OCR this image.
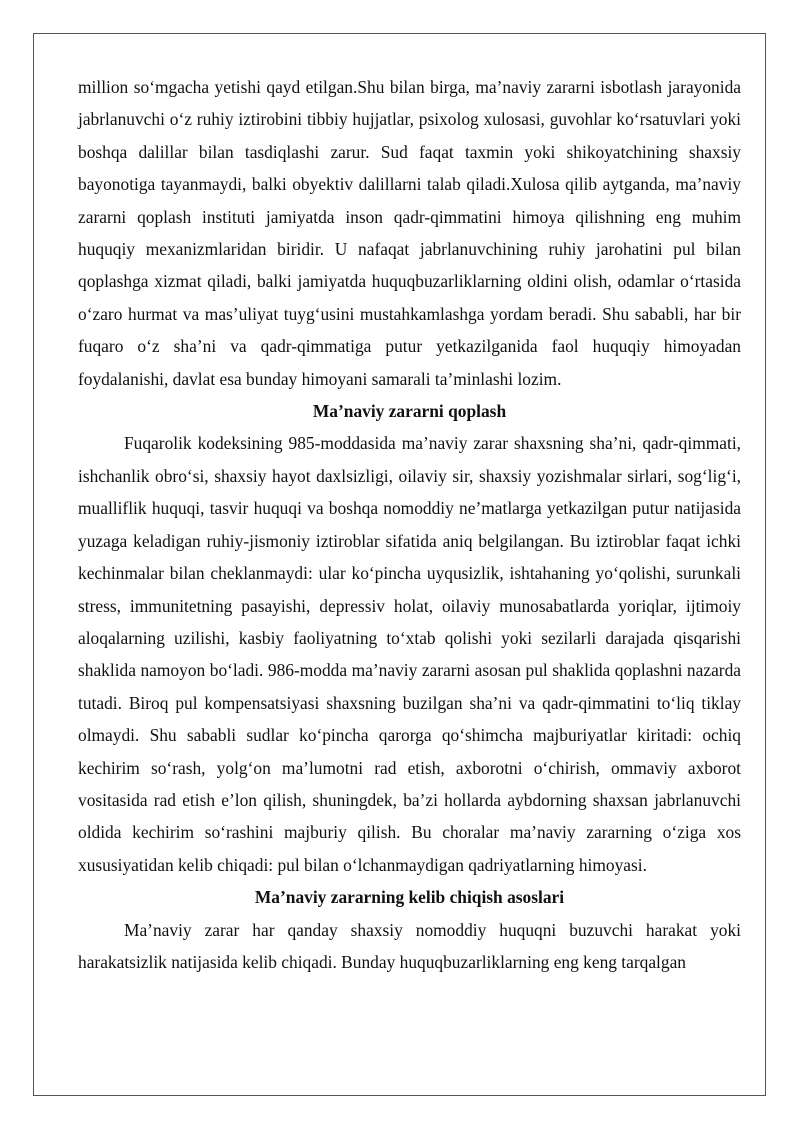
million so‘mgacha yetishi qayd etilgan.Shu bilan birga, ma’naviy zararni isbotlash jarayonida jabrlanuvchi o‘z ruhiy iztirobini tibbiy hujjatlar, psixolog xulosasi, guvohlar ko‘rsatuvlari yoki boshqa dalillar bilan tasdiqlashi zarur. Sud faqat taxmin yoki shikoyatchining shaxsiy bayonotiga tayanmaydi, balki obyektiv dalillarni talab qiladi.Xulosa qilib aytganda, ma’naviy zararni qoplash instituti jamiyatda inson qadr-qimmatini himoya qilishning eng muhim huquqiy mexanizmlaridan biridir. U nafaqat jabrlanuvchining ruhiy jarohatini pul bilan qoplashga xizmat qiladi, balki jamiyatda huquqbuzarliklarning oldini olish, odamlar o‘rtasida o‘zaro hurmat va mas’uliyat tuyg‘usini mustahkamlashga yordam beradi. Shu sababli, har bir fuqaro o‘z sha’ni va qadr-qimmatiga putur yetkazilganida faol huquqiy himoyadan foydalanishi, davlat esa bunday himoyani samarali ta’minlashi lozim.

Ma’naviy zararni qoplash

Fuqarolik kodeksining 985-moddasida ma’naviy zarar shaxsning sha’ni, qadr-qimmati, ishchanlik obro‘si, shaxsiy hayot daxlsizligi, oilaviy sir, shaxsiy yozishmalar sirlari, sog‘lig‘i, mualliflik huquqi, tasvir huquqi va boshqa nomoddiy ne’matlarga yetkazilgan putur natijasida yuzaga keladigan ruhiy-jismoniy iztiroblar sifatida aniq belgilangan. Bu iztiroblar faqat ichki kechinmalar bilan cheklanmaydi: ular ko‘pincha uyqusizlik, ishtahaning yo‘qolishi, surunkali stress, immunitetning pasayishi, depressiv holat, oilaviy munosabatlarda yoriqlar, ijtimoiy aloqalarning uzilishi, kasbiy faoliyatning to‘xtab qolishi yoki sezilarli darajada qisqarishi shaklida namoyon bo‘ladi. 986-modda ma’naviy zararni asosan pul shaklida qoplashni nazarda tutadi. Biroq pul kompensatsiyasi shaxsning buzilgan sha’ni va qadr-qimmatini to‘liq tiklay olmaydi. Shu sababli sudlar ko‘pincha qarorga qo‘shimcha majburiyatlar kiritadi: ochiq kechirim so‘rash, yolg‘on ma’lumotni rad etish, axborotni o‘chirish, ommaviy axborot vositasida rad etish e’lon qilish, shuningdek, ba’zi hollarda aybdorning shaxsan jabrlanuvchi oldida kechirim so‘rashini majburiy qilish. Bu choralar ma’naviy zararning o‘ziga xos xususiyatidan kelib chiqadi: pul bilan o‘lchanmaydigan qadriyatlarning himoyasi.

Ma’naviy zararning kelib chiqish asoslari

Ma’naviy zarar har qanday shaxsiy nomoddiy huquqni buzuvchi harakat yoki harakatsizlik natijasida kelib chiqadi. Bunday huquqbuzarliklarning eng keng tarqalgan
